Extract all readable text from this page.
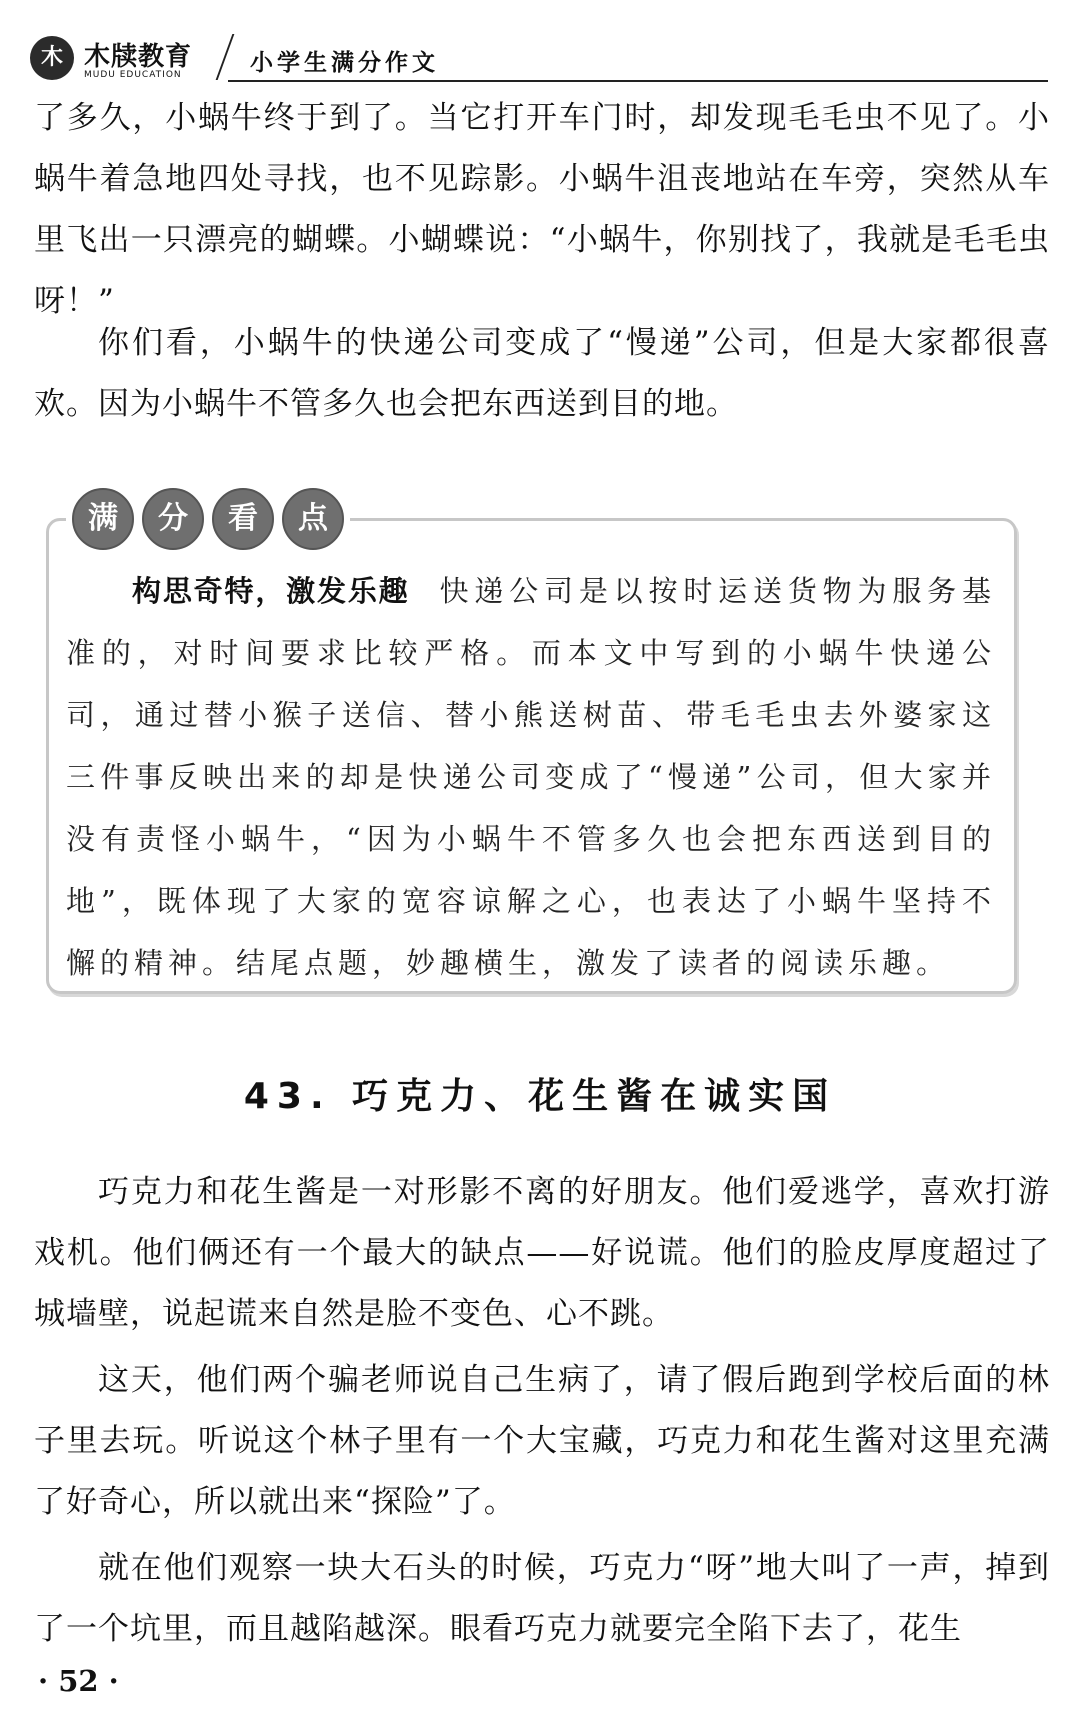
木 木牍教育
MUDU EDUCATION	小学生满分作文

了多久，小蜗牛终于到了。当它打开车门时，却发现毛毛虫不见了。小蜗牛着急地四处寻找，也不见踪影。小蜗牛沮丧地站在车旁，突然从车里飞出一只漂亮的蝴蝶。小蝴蝶说：“小蜗牛，你别找了，我就是毛毛虫呀！”

你们看，小蜗牛的快递公司变成了“慢递”公司，但是大家都很喜欢。因为小蜗牛不管多久也会把东西送到目的地。

满	分	看	点

构思奇特，激发乐趣 快递公司是以按时运送货物为服务基准的，对时间要求比较严格。而本文中写到的小蜗牛快递公司，通过替小猴子送信、替小熊送树苗、带毛毛虫去外婆家这三件事反映出来的却是快递公司变成了“慢递”公司，但大家并没有责怪小蜗牛，“因为小蜗牛不管多久也会把东西送到目的地”，既体现了大家的宽容谅解之心，也表达了小蜗牛坚持不懈的精神。结尾点题，妙趣横生，激发了读者的阅读乐趣。

43. 巧克力、花生酱在诚实国

巧克力和花生酱是一对形影不离的好朋友。他们爱逃学，喜欢打游戏机。他们俩还有一个最大的缺点——好说谎。他们的脸皮厚度超过了城墙壁，说起谎来自然是脸不变色、心不跳。

这天，他们两个骗老师说自己生病了，请了假后跑到学校后面的林子里去玩。听说这个林子里有一个大宝藏，巧克力和花生酱对这里充满了好奇心，所以就出来“探险”了。

就在他们观察一块大石头的时候，巧克力“呀”地大叫了一声，掉到了一个坑里，而且越陷越深。眼看巧克力就要完全陷下去了，花生

· 52 ·
